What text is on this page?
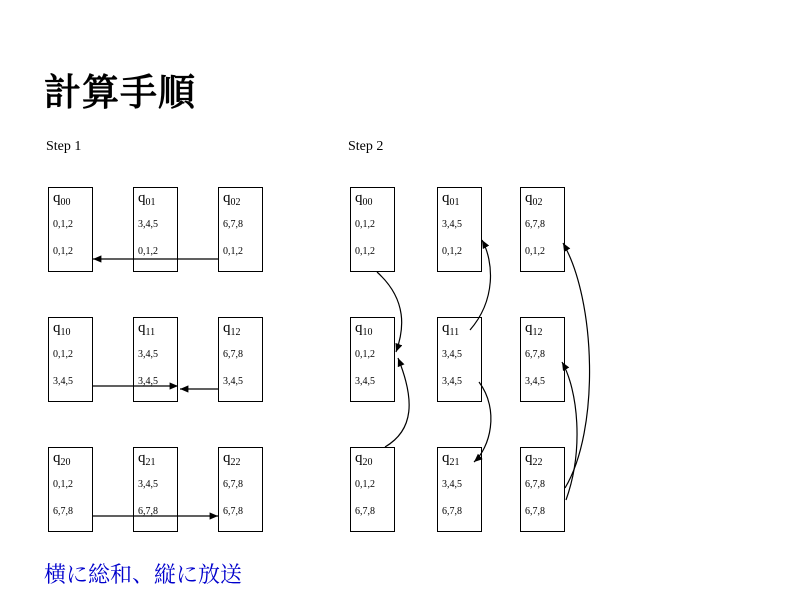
計算手順
Step 1	Step 2
$q_{00}$
0,1,2
0,1,2
$q_{01}$
3,4,5
0,1,2
$q_{02}$
6,7,8
0,1,2
$q_{10}$
0,1,2
3,4,5
$q_{11}$
3,4,5
3,4,5
$q_{12}$
6,7,8
3,4,5
$q_{20}$
0,1,2
6,7,8
$q_{21}$
3,4,5
6,7,8
$q_{22}$
6,7,8
6,7,8
$q_{00}$
0,1,2
0,1,2
$q_{01}$
3,4,5
0,1,2
$q_{02}$
6,7,8
0,1,2
$q_{10}$
0,1,2
3,4,5
$q_{11}$
3,4,5
3,4,5
$q_{12}$
6,7,8
3,4,5
$q_{20}$
0,1,2
6,7,8
$q_{21}$
3,4,5
6,7,8
$q_{22}$
6,7,8
6,7,8
横に総和、縦に放送
